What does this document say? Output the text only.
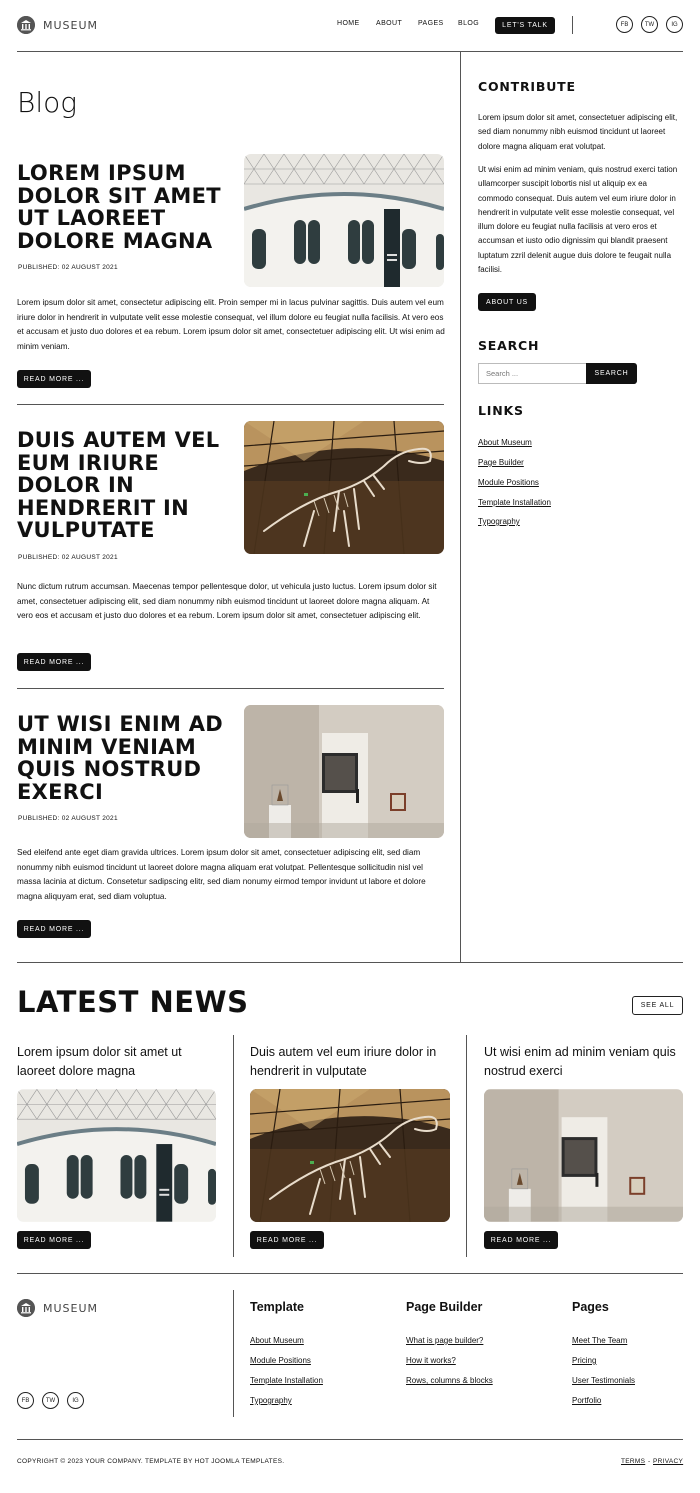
MUSEUM	HOME ABOUT PAGES BLOG	LET'S TALK	FB	TW	IG
Blog
LOREM IPSUM DOLOR SIT AMET UT LAOREET DOLORE MAGNA
PUBLISHED: 02 AUGUST 2021

Lorem ipsum dolor sit amet, consectetur adipiscing elit. Proin semper mi in lacus pulvinar sagittis. Duis autem vel eum iriure dolor in hendrerit in vulputate velit esse molestie consequat, vel illum dolore eu feugiat nulla facilisis. At vero eos et accusam et justo duo dolores et ea rebum. Lorem ipsum dolor sit amet, consectetuer adipiscing elit. Ut wisi enim ad minim veniam.

READ MORE ...
DUIS AUTEM VEL EUM IRIURE DOLOR IN HENDRERIT IN VULPUTATE
PUBLISHED: 02 AUGUST 2021

Nunc dictum rutrum accumsan. Maecenas tempor pellentesque dolor, ut vehicula justo luctus. Lorem ipsum dolor sit amet, consectetuer adipiscing elit, sed diam nonummy nibh euismod tincidunt ut laoreet dolore magna aliquam. At vero eos et accusam et justo duo dolores et ea rebum. Lorem ipsum dolor sit amet, consectetuer adipiscing elit.

READ MORE ...
UT WISI ENIM AD MINIM VENIAM QUIS NOSTRUD EXERCI
PUBLISHED: 02 AUGUST 2021

Sed eleifend ante eget diam gravida ultrices. Lorem ipsum dolor sit amet, consectetuer adipiscing elit, sed diam nonummy nibh euismod tincidunt ut laoreet dolore magna aliquam erat volutpat. Pellentesque sollicitudin nisl vel massa lacinia at dictum. Consetetur sadipscing elitr, sed diam nonumy eirmod tempor invidunt ut labore et dolore magna aliquyam erat, sed diam voluptua.

READ MORE ...
CONTRIBUTE

Lorem ipsum dolor sit amet, consectetuer adipiscing elit, sed diam nonummy nibh euismod tincidunt ut laoreet dolore magna aliquam erat volutpat.

Ut wisi enim ad minim veniam, quis nostrud exerci tation ullamcorper suscipit lobortis nisl ut aliquip ex ea commodo consequat. Duis autem vel eum iriure dolor in hendrerit in vulputate velit esse molestie consequat, vel illum dolore eu feugiat nulla facilisis at vero eros et accumsan et iusto odio dignissim qui blandit praesent luptatum zzril delenit augue duis dolore te feugait nulla facilisi.

ABOUT US
SEARCH
Search ...	SEARCH
LINKS
About Museum
Page Builder
Module Positions
Template Installation
Typography
LATEST NEWS	SEE ALL
Lorem ipsum dolor sit amet ut laoreet dolore magna
READ MORE ...
Duis autem vel eum iriure dolor in hendrerit in vulputate
READ MORE ...
Ut wisi enim ad minim veniam quis nostrud exerci
READ MORE ...
MUSEUM
FB	TW	IG
Template
About Museum
Module Positions
Template Installation
Typography
Page Builder
What is page builder?
How it works?
Rows, columns & blocks
Pages
Meet The Team
Pricing
User Testimonials
Portfolio
COPYRIGHT © 2023 YOUR COMPANY. TEMPLATE BY HOT JOOMLA TEMPLATES.	TERMS - PRIVACY
